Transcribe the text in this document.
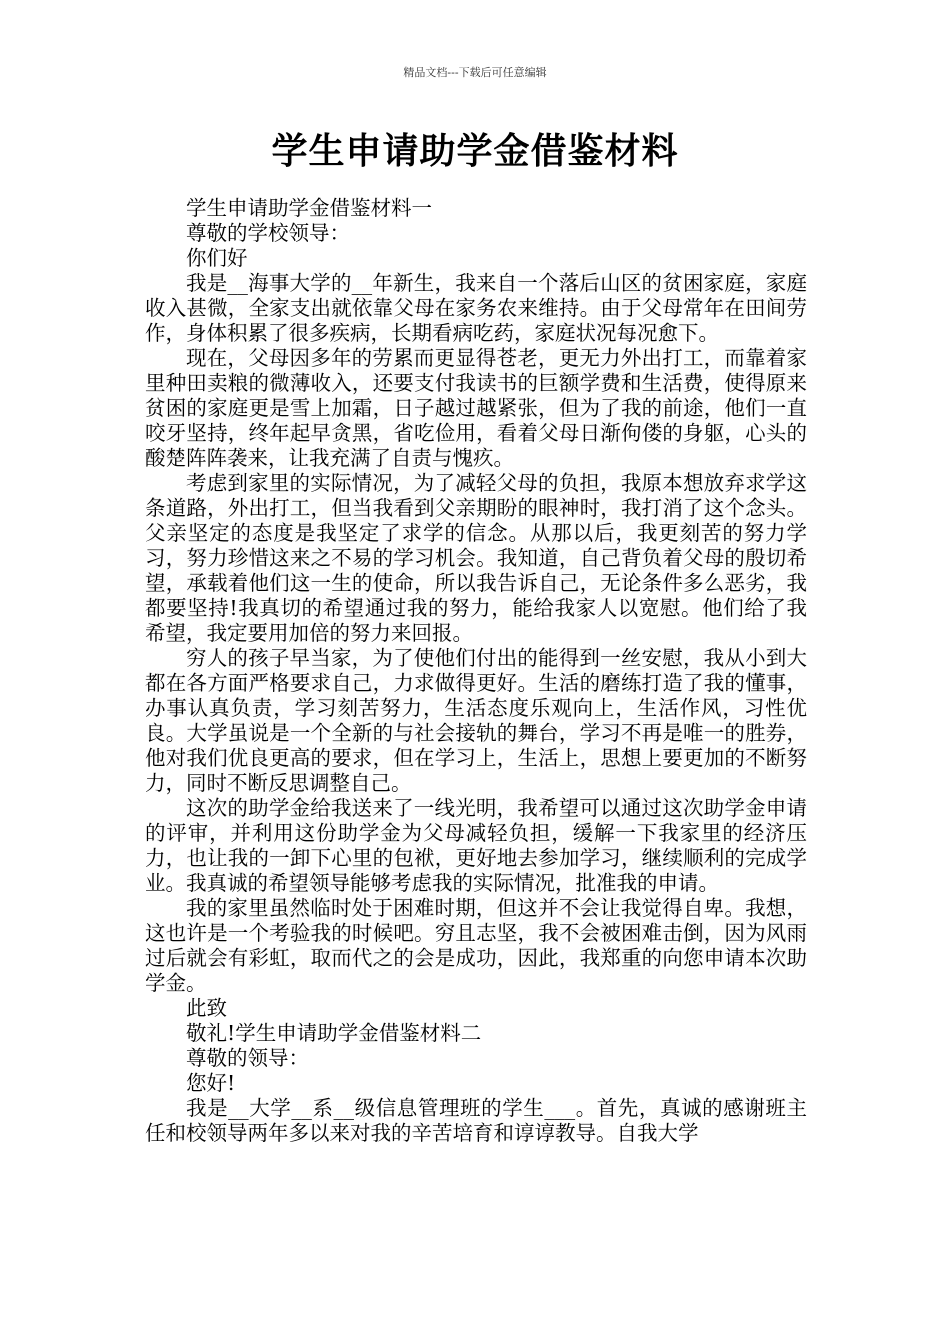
精品文档---下载后可任意编辑
学生申请助学金借鉴材料

学生申请助学金借鉴材料一

尊敬的学校领导：

你们好

我是__海事大学的__年新生，我来自一个落后山区的贫困家庭，家庭收入甚微，全家支出就依靠父母在家务农来维持。由于父母常年在田间劳作，身体积累了很多疾病，长期看病吃药，家庭状况每况愈下。

现在，父母因多年的劳累而更显得苍老，更无力外出打工，而靠着家里种田卖粮的微薄收入，还要支付我读书的巨额学费和生活费，使得原来贫困的家庭更是雪上加霜，日子越过越紧张，但为了我的前途，他们一直咬牙坚持，终年起早贪黑，省吃俭用，看着父母日渐佝偻的身躯，心头的酸楚阵阵袭来，让我充满了自责与愧疚。

考虑到家里的实际情况，为了减轻父母的负担，我原本想放弃求学这条道路，外出打工，但当我看到父亲期盼的眼神时，我打消了这个念头。父亲坚定的态度是我坚定了求学的信念。从那以后，我更刻苦的努力学习，努力珍惜这来之不易的学习机会。我知道，自己背负着父母的殷切希望，承载着他们这一生的使命，所以我告诉自己，无论条件多么恶劣，我都要坚持!我真切的希望通过我的努力，能给我家人以宽慰。他们给了我希望，我定要用加倍的努力来回报。

穷人的孩子早当家，为了使他们付出的能得到一丝安慰，我从小到大都在各方面严格要求自己，力求做得更好。生活的磨练打造了我的懂事，办事认真负责，学习刻苦努力，生活态度乐观向上，生活作风，习性优良。大学虽说是一个全新的与社会接轨的舞台，学习不再是唯一的胜券，他对我们优良更高的要求，但在学习上，生活上，思想上要更加的不断努力，同时不断反思调整自己。

这次的助学金给我送来了一线光明，我希望可以通过这次助学金申请的评审，并利用这份助学金为父母减轻负担，缓解一下我家里的经济压力，也让我的一卸下心里的包袱，更好地去参加学习，继续顺利的完成学业。我真诚的希望领导能够考虑我的实际情况，批准我的申请。

我的家里虽然临时处于困难时期，但这并不会让我觉得自卑。我想，这也许是一个考验我的时候吧。穷且志坚，我不会被困难击倒，因为风雨过后就会有彩虹，取而代之的会是成功，因此，我郑重的向您申请本次助学金。

此致

敬礼!学生申请助学金借鉴材料二

尊敬的领导：

您好!

我是__大学__系__级信息管理班的学生___。首先，真诚的感谢班主任和校领导两年多以来对我的辛苦培育和谆谆教导。自我大学
